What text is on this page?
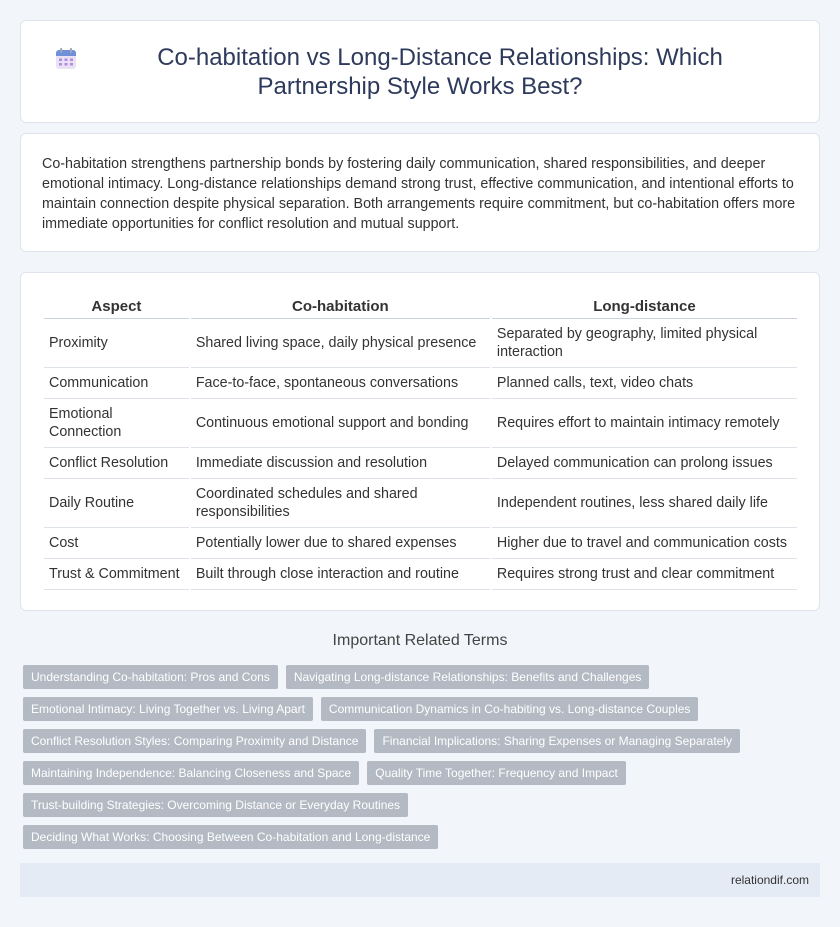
Co-habitation vs Long-Distance Relationships: Which Partnership Style Works Best?

Co-habitation strengthens partnership bonds by fostering daily communication, shared responsibilities, and deeper emotional intimacy. Long-distance relationships demand strong trust, effective communication, and intentional efforts to maintain connection despite physical separation. Both arrangements require commitment, but co-habitation offers more immediate opportunities for conflict resolution and mutual support.

Aspect	Co-habitation	Long-distance
Proximity	Shared living space, daily physical presence	Separated by geography, limited physical interaction
Communication	Face-to-face, spontaneous conversations	Planned calls, text, video chats
Emotional Connection	Continuous emotional support and bonding	Requires effort to maintain intimacy remotely
Conflict Resolution	Immediate discussion and resolution	Delayed communication can prolong issues
Daily Routine	Coordinated schedules and shared responsibilities	Independent routines, less shared daily life
Cost	Potentially lower due to shared expenses	Higher due to travel and communication costs
Trust & Commitment	Built through close interaction and routine	Requires strong trust and clear commitment
Important Related Terms
Understanding Co-habitation: Pros and Cons	Navigating Long-distance Relationships: Benefits and Challenges
Emotional Intimacy: Living Together vs. Living Apart	Communication Dynamics in Co-habiting vs. Long-distance Couples
Conflict Resolution Styles: Comparing Proximity and Distance	Financial Implications: Sharing Expenses or Managing Separately
Maintaining Independence: Balancing Closeness and Space	Quality Time Together: Frequency and Impact
Trust-building Strategies: Overcoming Distance or Everyday Routines
Deciding What Works: Choosing Between Co-habitation and Long-distance
relationdif.com
